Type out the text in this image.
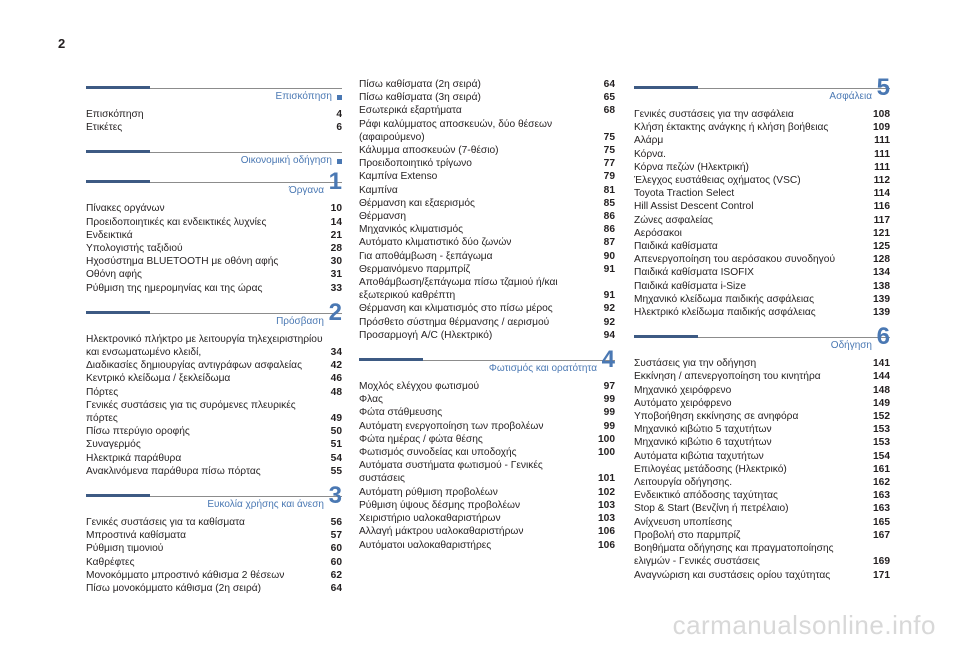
2
Επισκόπηση
Επισκόπηση	4
Ετικέτες	6
Οικονομική οδήγηση
1
Όργανα
Πίνακες οργάνων	10
Προειδοποιητικές και ενδεικτικές λυχνίες	14
Ενδεικτικά	21
Υπολογιστής ταξιδιού	28
Ηχοσύστημα BLUETOOTH με οθόνη αφής	30
Οθόνη αφής	31
Ρύθμιση της ημερομηνίας και της ώρας	33
2
Πρόσβαση
Ηλεκτρονικό πλήκτρο με λειτουργία τηλεχειριστηρίου και ενσωματωμένο κλειδί,	34
Διαδικασίες δημιουργίας αντιγράφων ασφαλείας	42
Κεντρικό κλείδωμα / ξεκλείδωμα	46
Πόρτες	48
Γενικές συστάσεις για τις συρόμενες πλευρικές πόρτες	49
Πίσω πτερύγιο οροφής	50
Συναγερμός	51
Ηλεκτρικά παράθυρα	54
Ανακλινόμενα παράθυρα πίσω πόρτας	55
3
Ευκολία χρήσης και άνεση
Γενικές συστάσεις για τα καθίσματα	56
Μπροστινά καθίσματα	57
Ρύθμιση τιμονιού	60
Καθρέφτες	60
Μονοκόμματο μπροστινό κάθισμα 2 θέσεων	62
Πίσω μονοκόμματο κάθισμα (2η σειρά)	64
Πίσω καθίσματα (2η σειρά)	64
Πίσω καθίσματα (3η σειρά)	65
Εσωτερικά εξαρτήματα	68
Ράφι καλύμματος αποσκευών, δύο θέσεων (αφαιρούμενο)	75
Κάλυμμα αποσκευών (7-θέσιο)	75
Προειδοποιητικό τρίγωνο	77
Καμπίνα Extenso	79
Καμπίνα	81
Θέρμανση και εξαερισμός	85
Θέρμανση	86
Μηχανικός κλιματισμός	86
Αυτόματο κλιματιστικό δύο ζωνών	87
Για αποθάμβωση - ξεπάγωμα	90
Θερμαινόμενο παρμπρίζ	91
Αποθάμβωση/ξεπάγωμα πίσω τζαμιού ή/και εξωτερικού καθρέπτη	91
Θέρμανση και κλιματισμός στο πίσω μέρος	92
Πρόσθετο σύστημα θέρμανσης / αερισμού	92
Προσαρμογή A/C (Ηλεκτρικό)	94
4
Φωτισμός και ορατότητα
Μοχλός ελέγχου φωτισμού	97
Φλας	99
Φώτα στάθμευσης	99
Αυτόματη ενεργοποίηση των προβολέων	99
Φώτα ημέρας / φώτα θέσης	100
Φωτισμός συνοδείας και υποδοχής	100
Αυτόματα συστήματα φωτισμού - Γενικές συστάσεις	101
Αυτόματη ρύθμιση προβολέων	102
Ρύθμιση ύψους δέσμης προβολέων	103
Χειριστήριο υαλοκαθαριστήρων	103
Αλλαγή μάκτρου υαλοκαθαριστήρων	106
Αυτόματοι υαλοκαθαριστήρες	106
5
Ασφάλεια
Γενικές συστάσεις για την ασφάλεια	108
Κλήση έκτακτης ανάγκης ή κλήση βοήθειας	109
Αλάρμ	111
Κόρνα.	111
Κόρνα πεζών (Ηλεκτρική)	111
Έλεγχος ευστάθειας οχήματος (VSC)	112
Toyota Traction Select	114
Hill Assist Descent Control	116
Ζώνες ασφαλείας	117
Αερόσακοι	121
Παιδικά καθίσματα	125
Απενεργοποίηση του αερόσακου συνοδηγού	128
Παιδικά καθίσματα ISOFIX	134
Παιδικά καθίσματα i-Size	138
Μηχανικό κλείδωμα παιδικής ασφάλειας	139
Ηλεκτρικό κλείδωμα παιδικής ασφάλειας	139
6
Οδήγηση
Συστάσεις για την οδήγηση	141
Εκκίνηση / απενεργοποίηση του κινητήρα	144
Μηχανικό χειρόφρενο	148
Αυτόματο χειρόφρενο	149
Υποβοήθηση εκκίνησης σε ανηφόρα	152
Μηχανικό κιβώτιο 5 ταχυτήτων	153
Μηχανικό κιβώτιο 6 ταχυτήτων	153
Αυτόματα κιβώτια ταχυτήτων	154
Επιλογέας μετάδοσης (Ηλεκτρικό)	161
Λειτουργία οδήγησης.	162
Ενδεικτικό απόδοσης ταχύτητας	163
Stop & Start (Βενζίνη ή πετρέλαιο)	163
Ανίχνευση υποπίεσης	165
Προβολή στο παρμπρίζ	167
Βοηθήματα οδήγησης και πραγματοποίησης ελιγμών - Γενικές συστάσεις	169
Αναγνώριση και συστάσεις ορίου ταχύτητας	171
carmanualsonline.info
